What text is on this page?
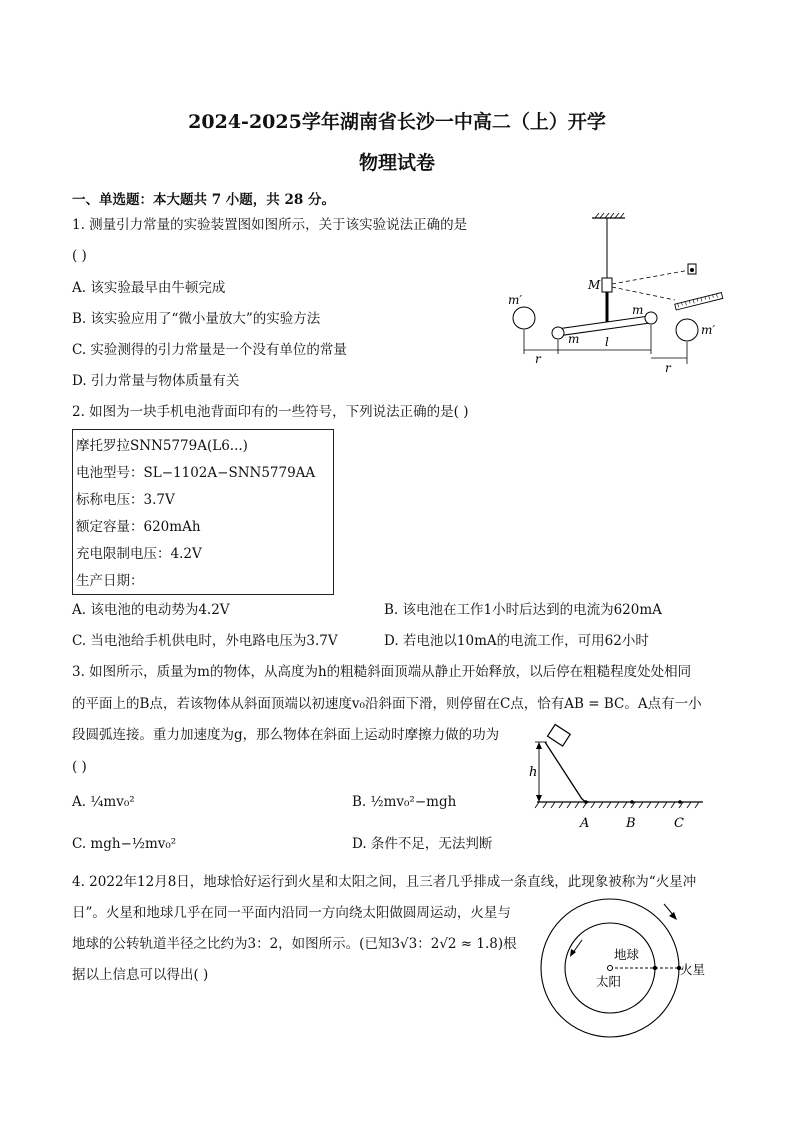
2024-2025学年湖南省长沙一中高二（上）开学
物理试卷
一、单选题：本大题共 7 小题，共 28 分。
1. 测量引力常量的实验装置图如图所示，关于该实验说法正确的是
( )
A. 该实验最早由牛顿完成
B. 该实验应用了“微小量放大”的实验方法
C. 实验测得的引力常量是一个没有单位的常量
D. 引力常量与物体质量有关
M
m
m
m′
m′
r
l
r
2. 如图为一块手机电池背面印有的一些符号，下列说法正确的是( )
摩托罗拉SNN5779A(L6...)
电池型号：SL−1102A−SNN5779AA
标称电压：3.7V
额定容量：620mAh
充电限制电压：4.2V
生产日期：
A. 该电池的电动势为4.2V	B. 该电池在工作1小时后达到的电流为620mA
C. 当电池给手机供电时，外电路电压为3.7V	D. 若电池以10mA的电流工作，可用62小时
3. 如图所示，质量为m的物体，从高度为h的粗糙斜面顶端从静止开始释放，以后停在粗糙程度处处相同
的平面上的B点，若该物体从斜面顶端以初速度v₀沿斜面下滑，则停留在C点，恰有AB = BC。A点有一小
段圆弧连接。重力加速度为g，那么物体在斜面上运动时摩擦力做的功为
( )
A. ¼mv₀²	B. ½mv₀²−mgh
C. mgh−½mv₀²	D. 条件不足，无法判断
h
A	B	C
4. 2022年12月8日，地球恰好运行到火星和太阳之间，且三者几乎排成一条直线，此现象被称为“火星冲
日”。火星和地球几乎在同一平面内沿同一方向绕太阳做圆周运动，火星与
地球的公转轨道半径之比约为3：2，如图所示。(已知3√3：2√2 ≈ 1.8)根
据以上信息可以得出( )
地球
太阳
火星
